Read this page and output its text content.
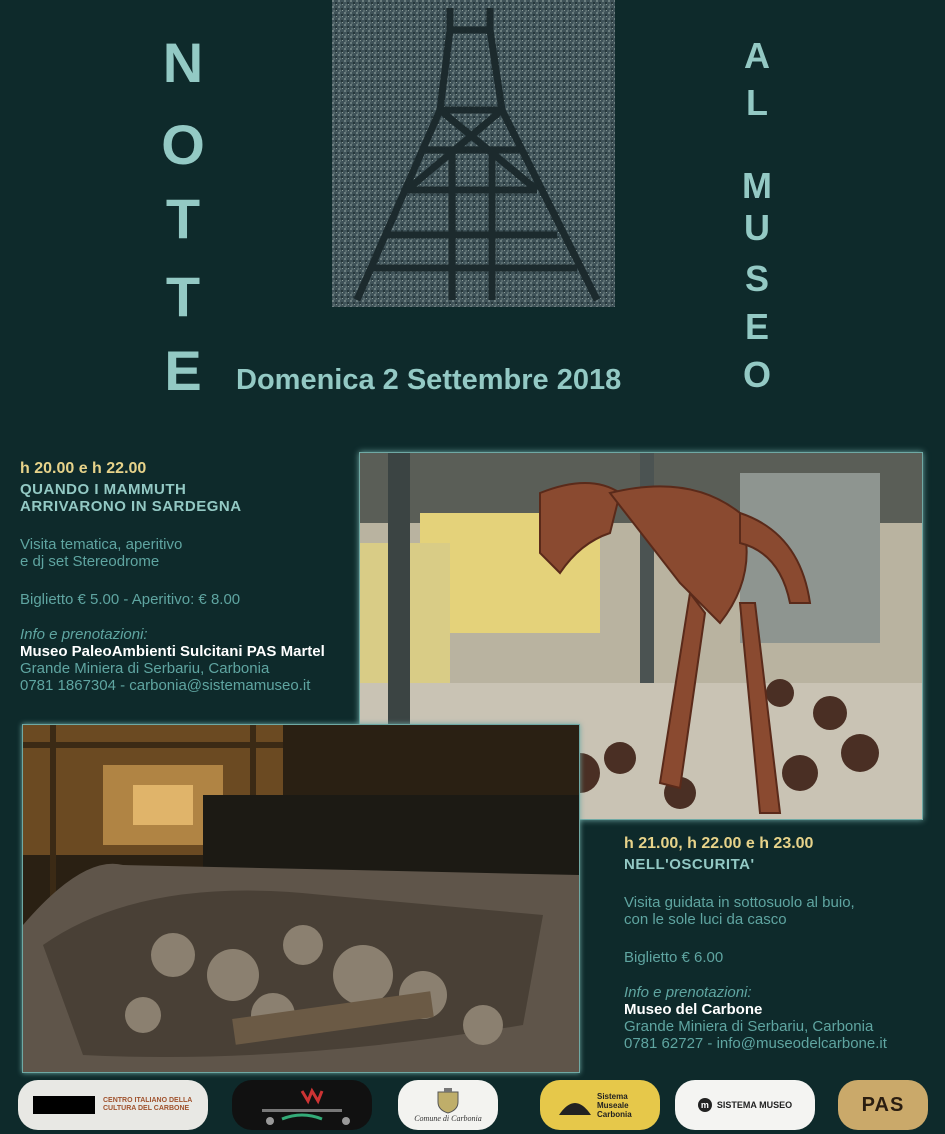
Domenica 2 Settembre 2018
h 20.00 e h 22.00
QUANDO I MAMMUTH
ARRIVARONO IN SARDEGNA
Visita tematica, aperitivo
e dj set Stereodrome
Biglietto € 5.00 - Aperitivo: € 8.00
Info e prenotazioni:
Museo PaleoAmbienti Sulcitani PAS Martel
Grande Miniera di Serbariu, Carbonia
0781 1867304 - carbonia@sistemamuseo.it
h 21.00, h 22.00 e h 23.00
NELL'OSCURITA'
Visita guidata in sottosuolo al buio,
con le sole luci da casco
Biglietto € 6.00
Info e prenotazioni:
Museo del Carbone
Grande Miniera di Serbariu, Carbonia
0781 62727 - info@museodelcarbone.it
CENTRO ITALIANO DELLA CULTURA DEL CARBONE
Comune di Carbonia
Sistema Museale Carbonia
m SISTEMA MUSEO	PAS
N
O
T
T
E
A
L
M
U
S
E
O
